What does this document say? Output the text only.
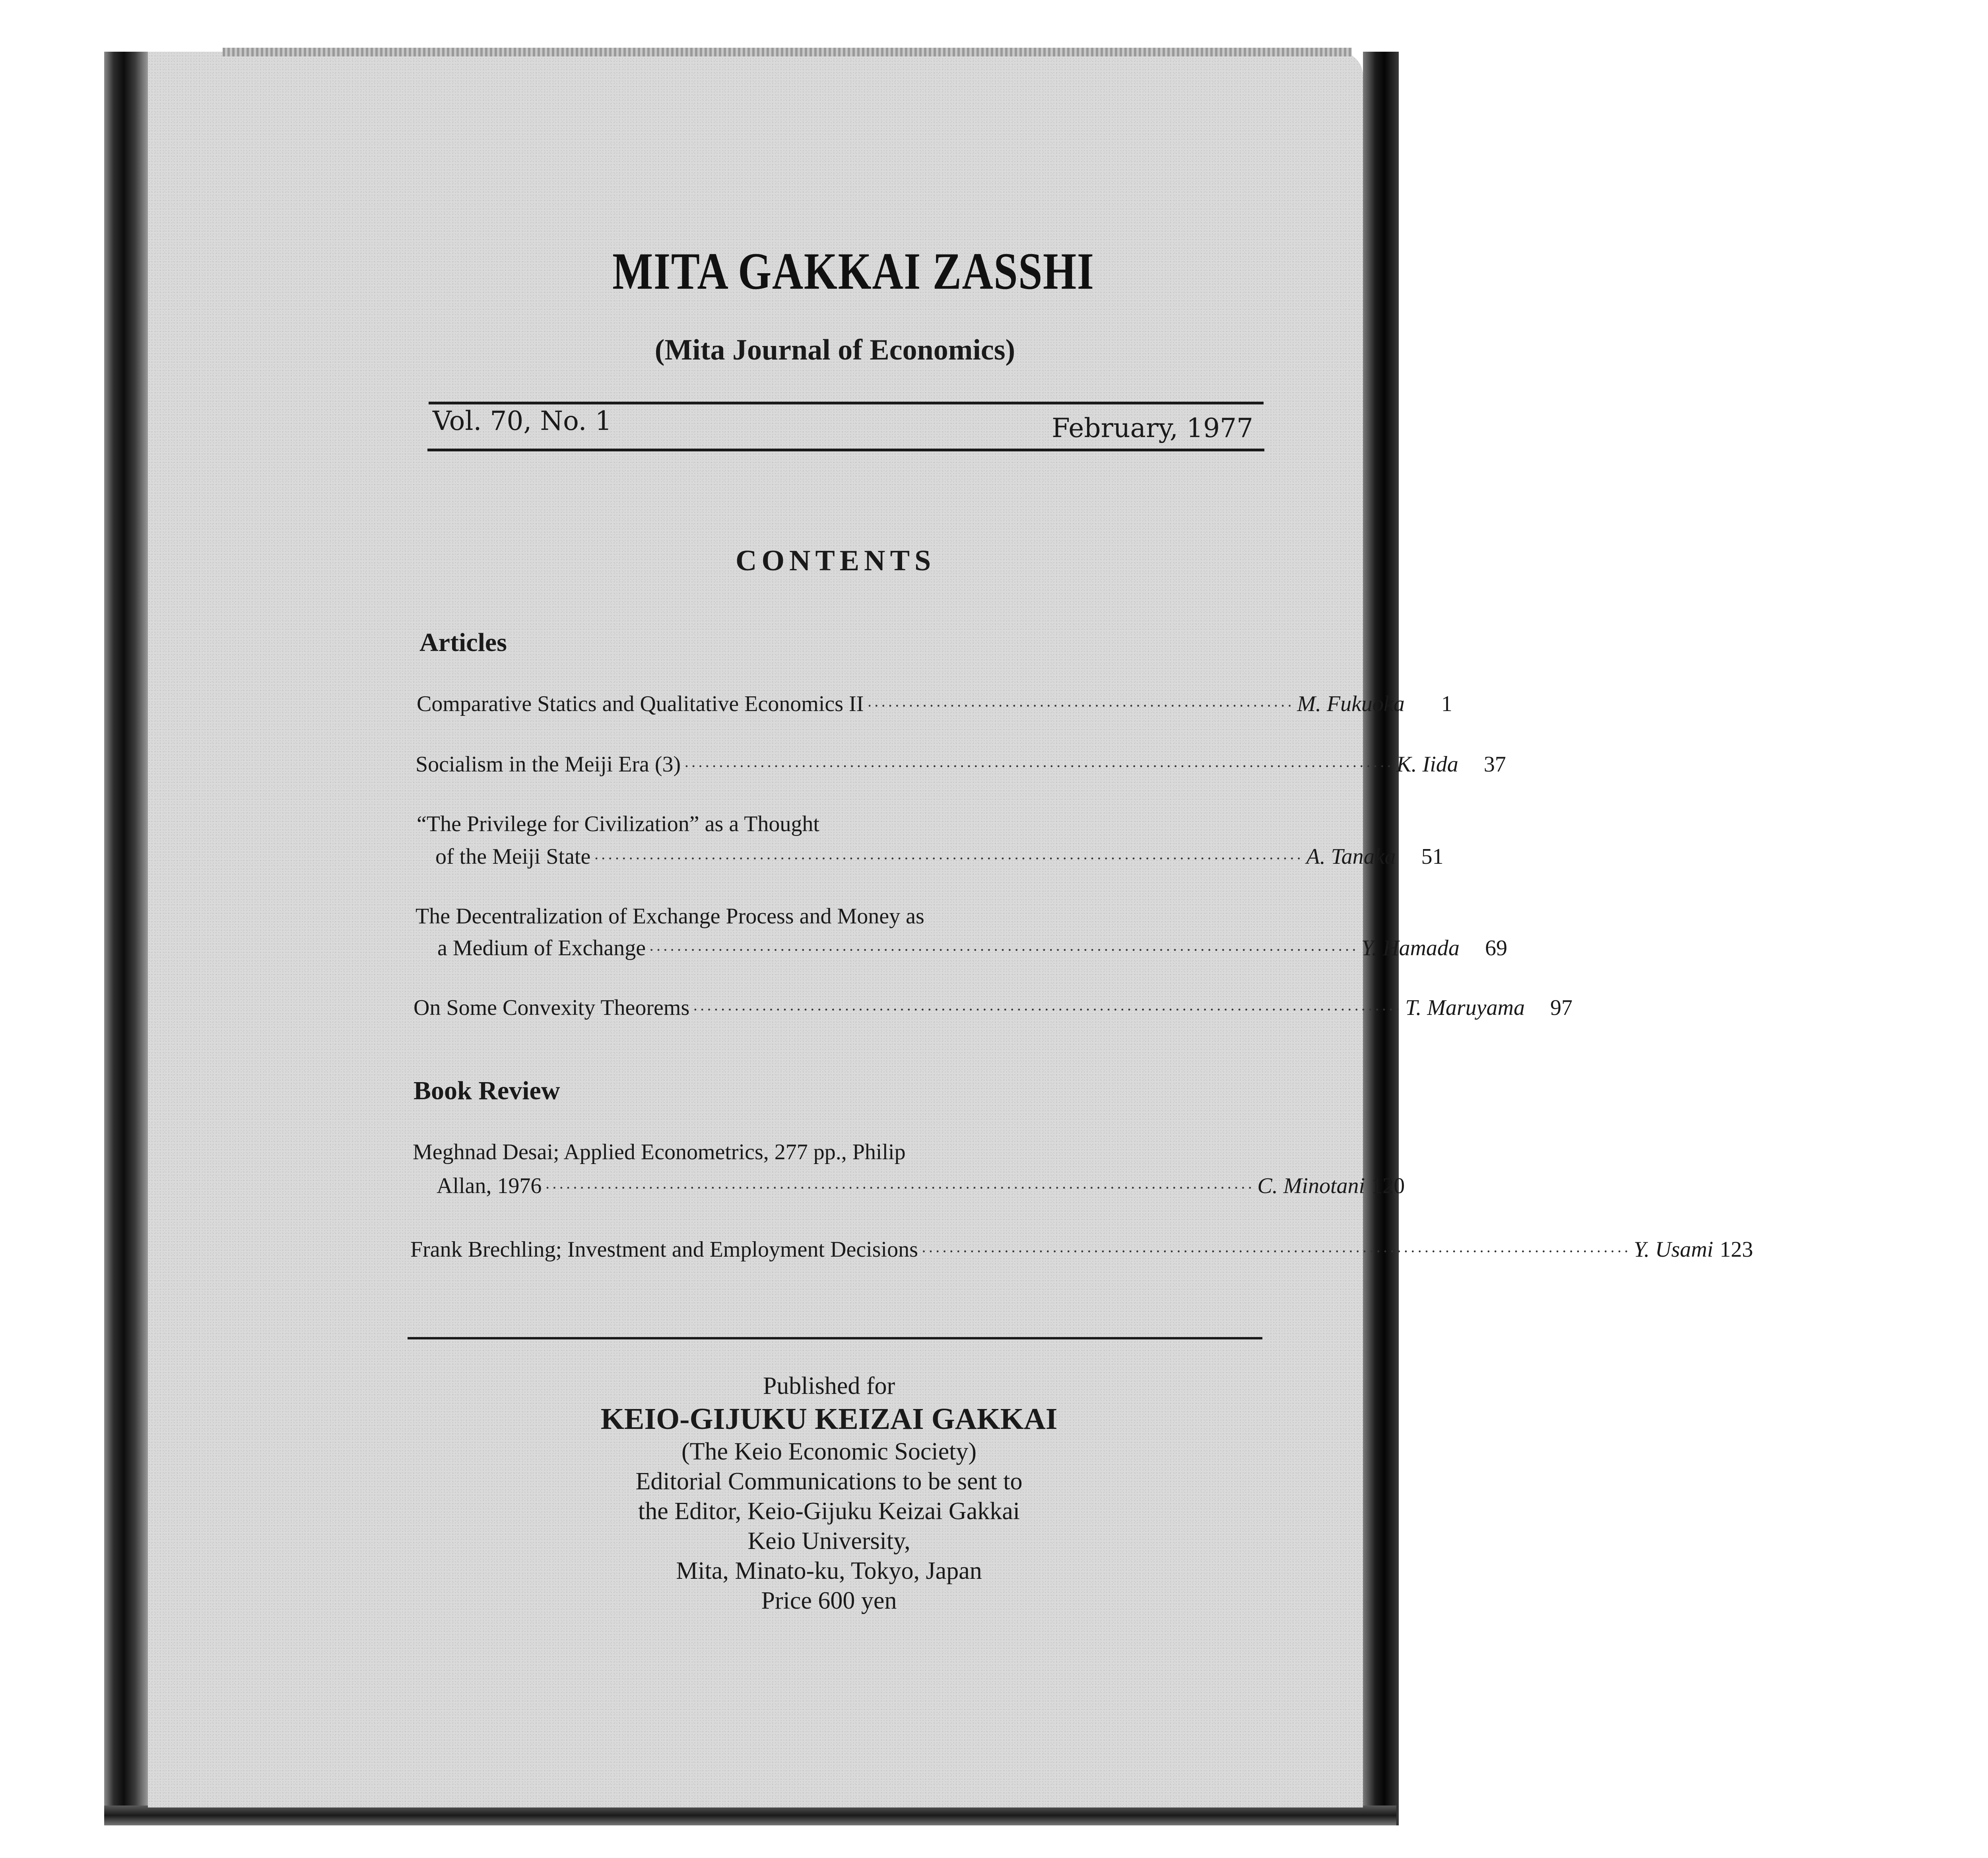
MITA GAKKAI ZASSHI
(Mita Journal of Economics)
Vol. 70, No. 1	February, 1977
CONTENTS
Articles
Comparative Statics and Qualitative Economics II ······························································ M. Fukuoka	1
Socialism in the Meiji Era (3) ······································································································· K. Iida	37
“The Privilege for Civilization” as a Thought
of the Meiji State ······································································································· A. Tanaka	51
The Decentralization of Exchange Process and Money as
a Medium of Exchange ······································································································· Y. Hamada	69
On Some Convexity Theorems ······································································································· T. Maruyama	97
Book Review
Meghnad Desai; Applied Econometrics, 277 pp., Philip
Allan, 1976 ······································································································· C. Minotani 120
Frank Brechling; Investment and Employment Decisions ······································································································· Y. Usami 123
Published for
KEIO-GIJUKU KEIZAI GAKKAI
(The Keio Economic Society)
Editorial Communications to be sent to
the Editor, Keio-Gijuku Keizai Gakkai
Keio University,
Mita, Minato-ku, Tokyo, Japan
Price 600 yen
